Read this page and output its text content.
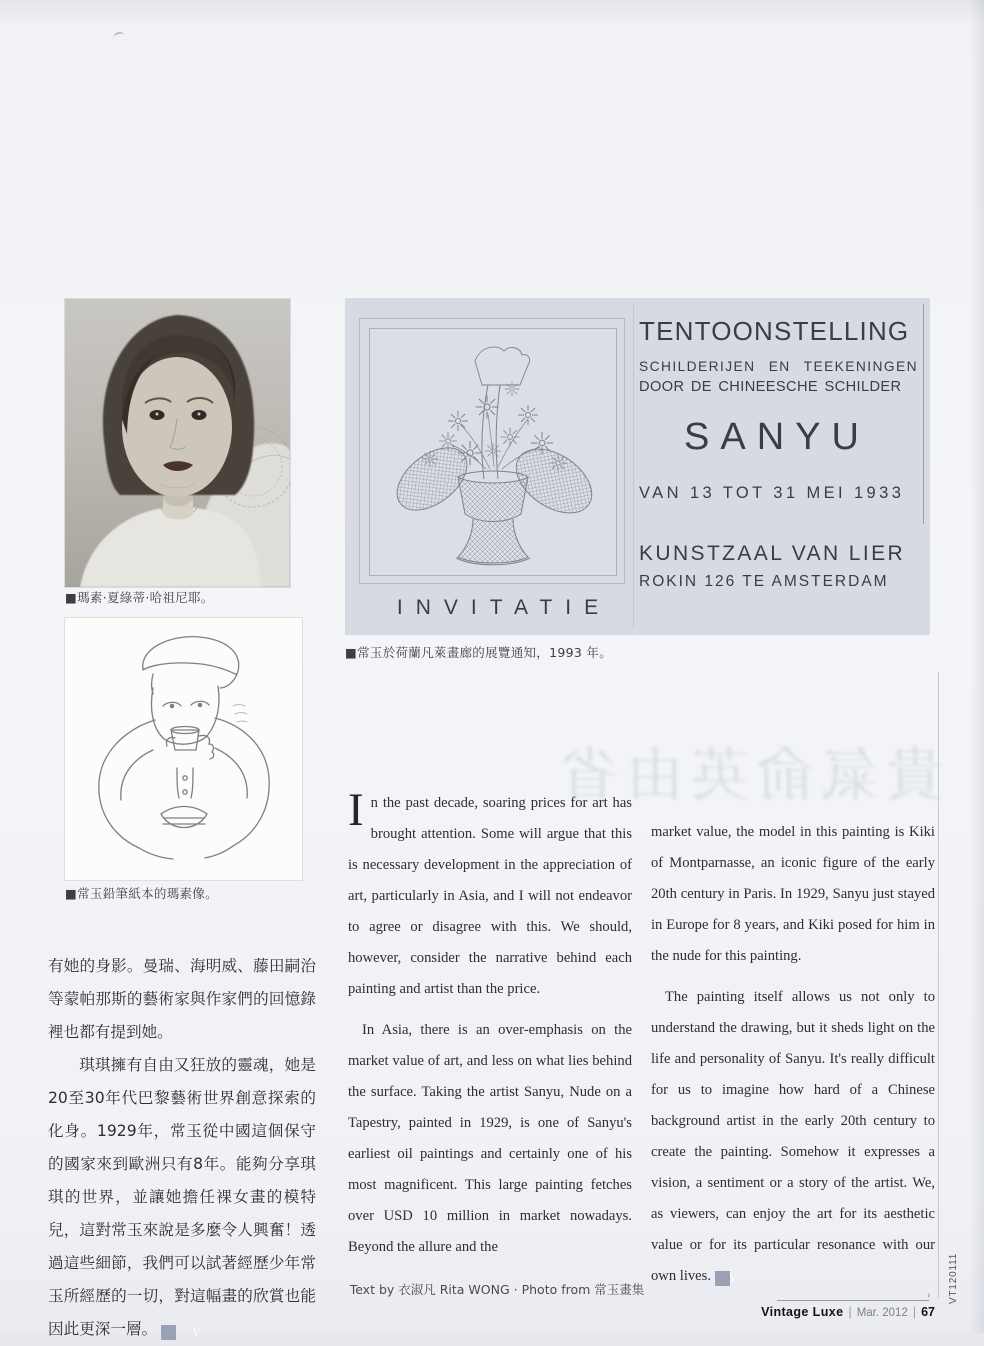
■瑪素·夏綠蒂·哈祖尼耶。	INVITATIE
TENTOONSTELLING
SCHILDERIJEN EN TEEKENINGEN
DOOR DE CHINEESCHE SCHILDER
SANYU
VAN 13 TOT 31 MEI 1933
KUNSTZAAL VAN LIER
ROKIN 126 TE AMSTERDAM
■常玉於荷蘭凡萊畫廊的展覽通知，1993 年。
■常玉鉛筆紙本的瑪素像。
貴氣俞英由省

有她的身影。曼瑞、海明威、藤田嗣治等蒙帕那斯的藝術家與作家們的回憶錄裡也都有提到她。

琪琪擁有自由又狂放的靈魂，她是20至30年代巴黎藝術世界創意探索的化身。1929年，常玉從中國這個保守的國家來到歐洲只有8年。能夠分享琪琪的世界，並讓她擔任裸女畫的模特兒，這對常玉來說是多麼令人興奮！透過這些細節，我們可以試著經歷少年常玉所經歷的一切，對這幅畫的欣賞也能因此更深一層。	V

In the past decade, soaring prices for art has brought attention. Some will argue that this is necessary development in the appreciation of art, particularly in Asia, and I will not endeavor to agree or disagree with this. We should, however, consider the narrative behind each painting and artist than the price.

In Asia, there is an over-emphasis on the market value of art, and less on what lies behind the surface. Taking the artist Sanyu, Nude on a Tapestry, painted in 1929, is one of Sanyu's earliest oil paintings and certainly one of his most magnificent. This large painting fetches over USD 10 million in market nowadays. Beyond the allure and the

market value, the model in this painting is Kiki of Montparnasse, an iconic figure of the early 20th century in Paris. In 1929, Sanyu just stayed in Europe for 8 years, and Kiki posed for him in the nude for this painting.

The painting itself allows us not only to understand the drawing, but it sheds light on the life and personality of Sanyu. It's really difficult for us to imagine how hard of a Chinese background artist in the early 20th century to create the painting. Somehow it expresses a vision, a sentiment or a story of the artist. We, as viewers, can enjoy the art for its aesthetic value or for its particular resonance with our own lives. V

Text by 衣淑凡 Rita WONG · Photo from 常玉畫集	›
Vintage Luxe | Mar. 2012 | 67
VT120111
